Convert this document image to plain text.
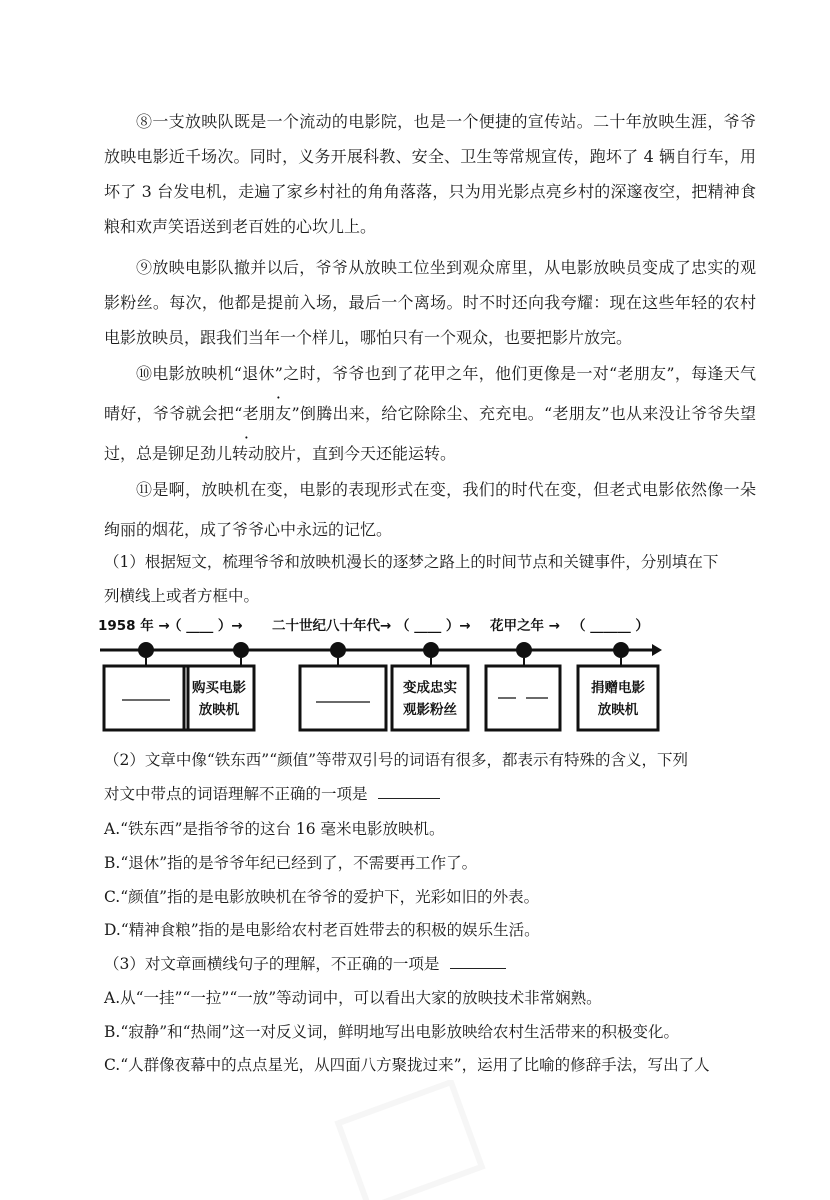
⑧一支放映队既是一个流动的电影院，也是一个便捷的宣传站。二十年放映生涯，爷爷放映电影近千场次。同时，义务开展科教、安全、卫生等常规宣传，跑坏了 4 辆自行车，用坏了 3 台发电机，走遍了家乡村社的角角落落，只为用光影点亮乡村的深邃夜空，把精神食粮和欢声笑语送到老百姓的心坎儿上。

⑨放映电影队撤并以后，爷爷从放映工位坐到观众席里，从电影放映员变成了忠实的观影粉丝。每次，他都是提前入场，最后一个离场。时不时还向我夸耀：现在这些年轻的农村电影放映员，跟我们当年一个样儿，哪怕只有一个观众，也要把影片放完。

⑩电影放映机“退休 · ·”之时，爷爷也到了花甲之年，他们更像是一对“老朋友”，每逢天气晴好，爷爷就会把“老朋友”倒腾出来，给它除除尘、充充电。“老朋友”也从来没让爷爷失望过，总是铆足劲儿转动胶片，直到今天还能运转。

⑪是啊，放映机在变，电影的表现形式在变，我们的时代在变，但老式电影依然像一朵绚丽的烟花，成了爷爷心中永远的记忆。

（1）根据短文，梳理爷爷和放映机漫长的逐梦之路上的时间节点和关键事件，分别填在下
列横线上或者方框中。
1958 年 →
（ ____ ）→ 二十世纪八十年代→ （ ____ ）→ 花甲之年 → （ ______ ）
购买电影
放映机
变成忠实
观影粉丝
捐赠电影
放映机
（2）文章中像“铁东西”“颜值”等带双引号的词语有很多，都表示有特殊的含义，下列
对文中带点的词语理解不正确的一项是
A.“铁东西”是指爷爷的这台 16 毫米电影放映机。
B.“退休”指的是爷爷年纪已经到了，不需要再工作了。
C.“颜值”指的是电影放映机在爷爷的爱护下，光彩如旧的外表。
D.“精神食粮”指的是电影给农村老百姓带去的积极的娱乐生活。
（3）对文章画横线句子的理解，不正确的一项是
A.从“一挂”“一拉”“一放”等动词中，可以看出大家的放映技术非常娴熟。
B.“寂静”和“热闹”这一对反义词，鲜明地写出电影放映给农村生活带来的积极变化。
C.“人群像夜幕中的点点星光，从四面八方聚拢过来”，运用了比喻的修辞手法，写出了人
